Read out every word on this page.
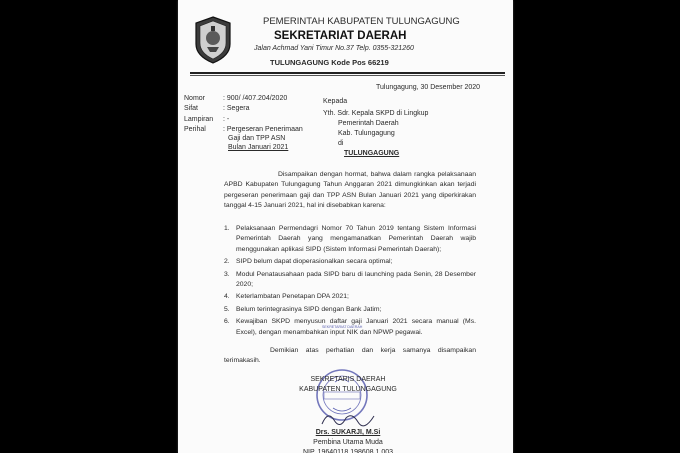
PEMERINTAH KABUPATEN TULUNGAGUNG
SEKRETARIAT DAERAH
Jalan Achmad Yani Timur No.37 Telp. 0355-321260
TULUNGAGUNG Kode Pos 66219
Tulungagung, 30 Desember 2020
Nomor	: 900/ /407.204/2020
Sifat	: Segera
Lampiran : -
Perihal : Pergeseran Penerimaan
Gaji dan TPP ASN
Bulan Januari 2021
Kepada
Yth. Sdr. Kepala SKPD di Lingkup
Pemerintah Daerah
Kab. Tulungagung
di
TULUNGAGUNG

Disampaikan dengan hormat, bahwa dalam rangka pelaksanaan APBD Kabupaten Tulungagung Tahun Anggaran 2021 dimungkinkan akan terjadi pergeseran penerimaan gaji dan TPP ASN Bulan Januari 2021 yang diperkirakan tanggal 4-15 Januari 2021, hal ini disebabkan karena:

1. Pelaksanaan Permendagri Nomor 70 Tahun 2019 tentang Sistem Informasi Pemerintah Daerah yang mengamanatkan Pemerintah Daerah wajib menggunakan aplikasi SIPD (Sistem Informasi Pemerintah Daerah);
2. SIPD belum dapat dioperasionalkan secara optimal;
3. Modul Penatausahaan pada SIPD baru di launching pada Senin, 28 Desember 2020;
4. Keterlambatan Penetapan DPA 2021;
5. Belum terintegrasinya SIPD dengan Bank Jatim;
6. Kewajiban SKPD menyusun daftar gaji Januari 2021 secara manual (Ms. Excel), dengan menambahkan input NIK dan NPWP pegawai.

Demikian atas perhatian dan kerja samanya disampaikan terimakasih.

SEKRETARIAT DAERAH
SEKRETARIS DAERAH
KABUPATEN TULUNGAGUNG
Drs. SUKARJI, M.Si
Pembina Utama Muda
NIP. 19640118 198608 1 003
